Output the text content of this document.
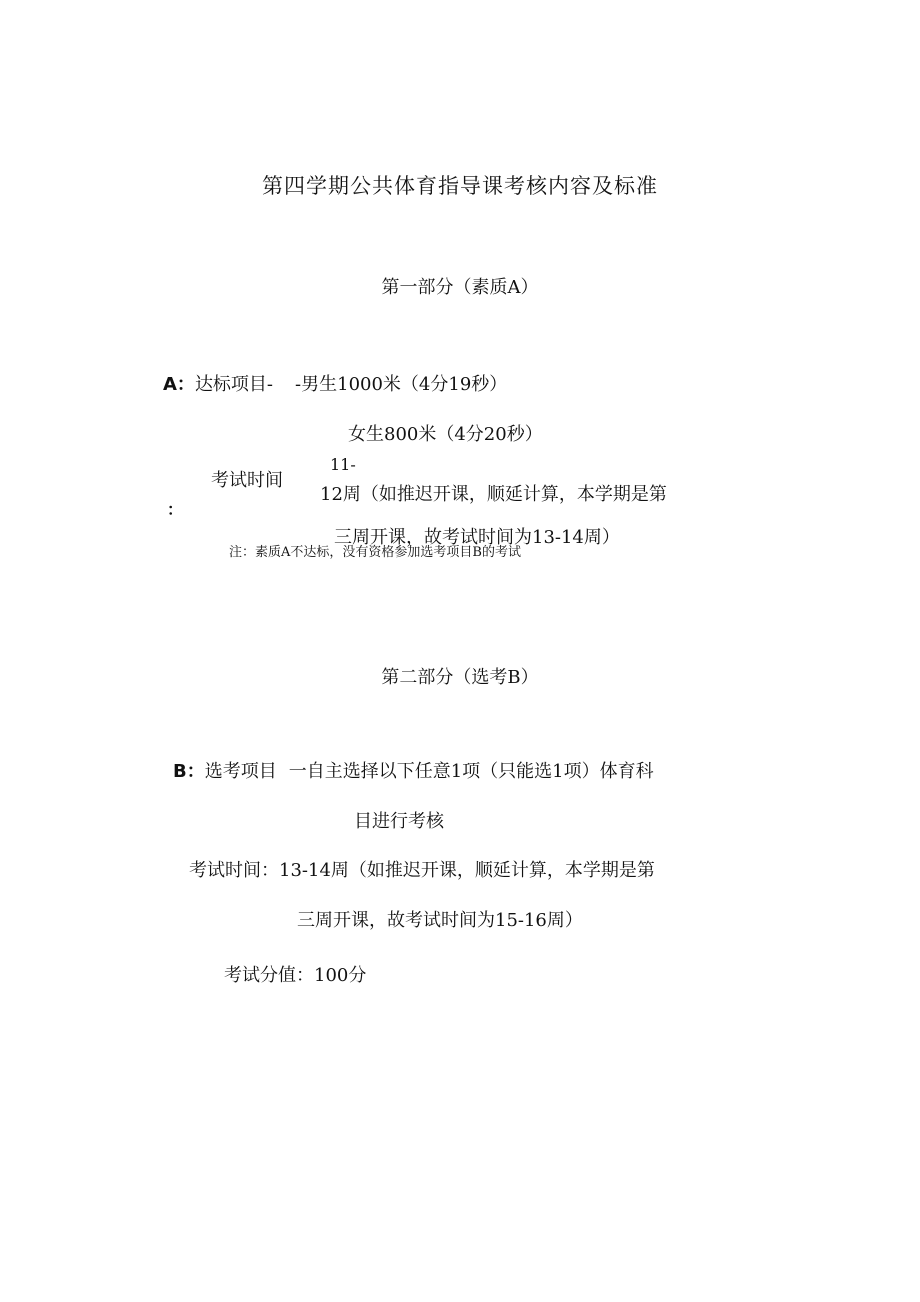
第四学期公共体育指导课考核内容及标准
第一部分（素质A）
A：达标项目- -男生1000米（4分19秒）
女生800米（4分20秒）
考试时间
：
11-
12周（如推迟开课，顺延计算，本学期是第
三周开课，故考试时间为13-14周）
注：素质A不达标，没有资格参加选考项目B的考试
第二部分（选考B）
B：选考项目 一自主选择以下任意1项（只能选1项）体育科
目进行考核
考试时间：13-14周（如推迟开课，顺延计算，本学期是第
三周开课，故考试时间为15-16周）
考试分值：100分
